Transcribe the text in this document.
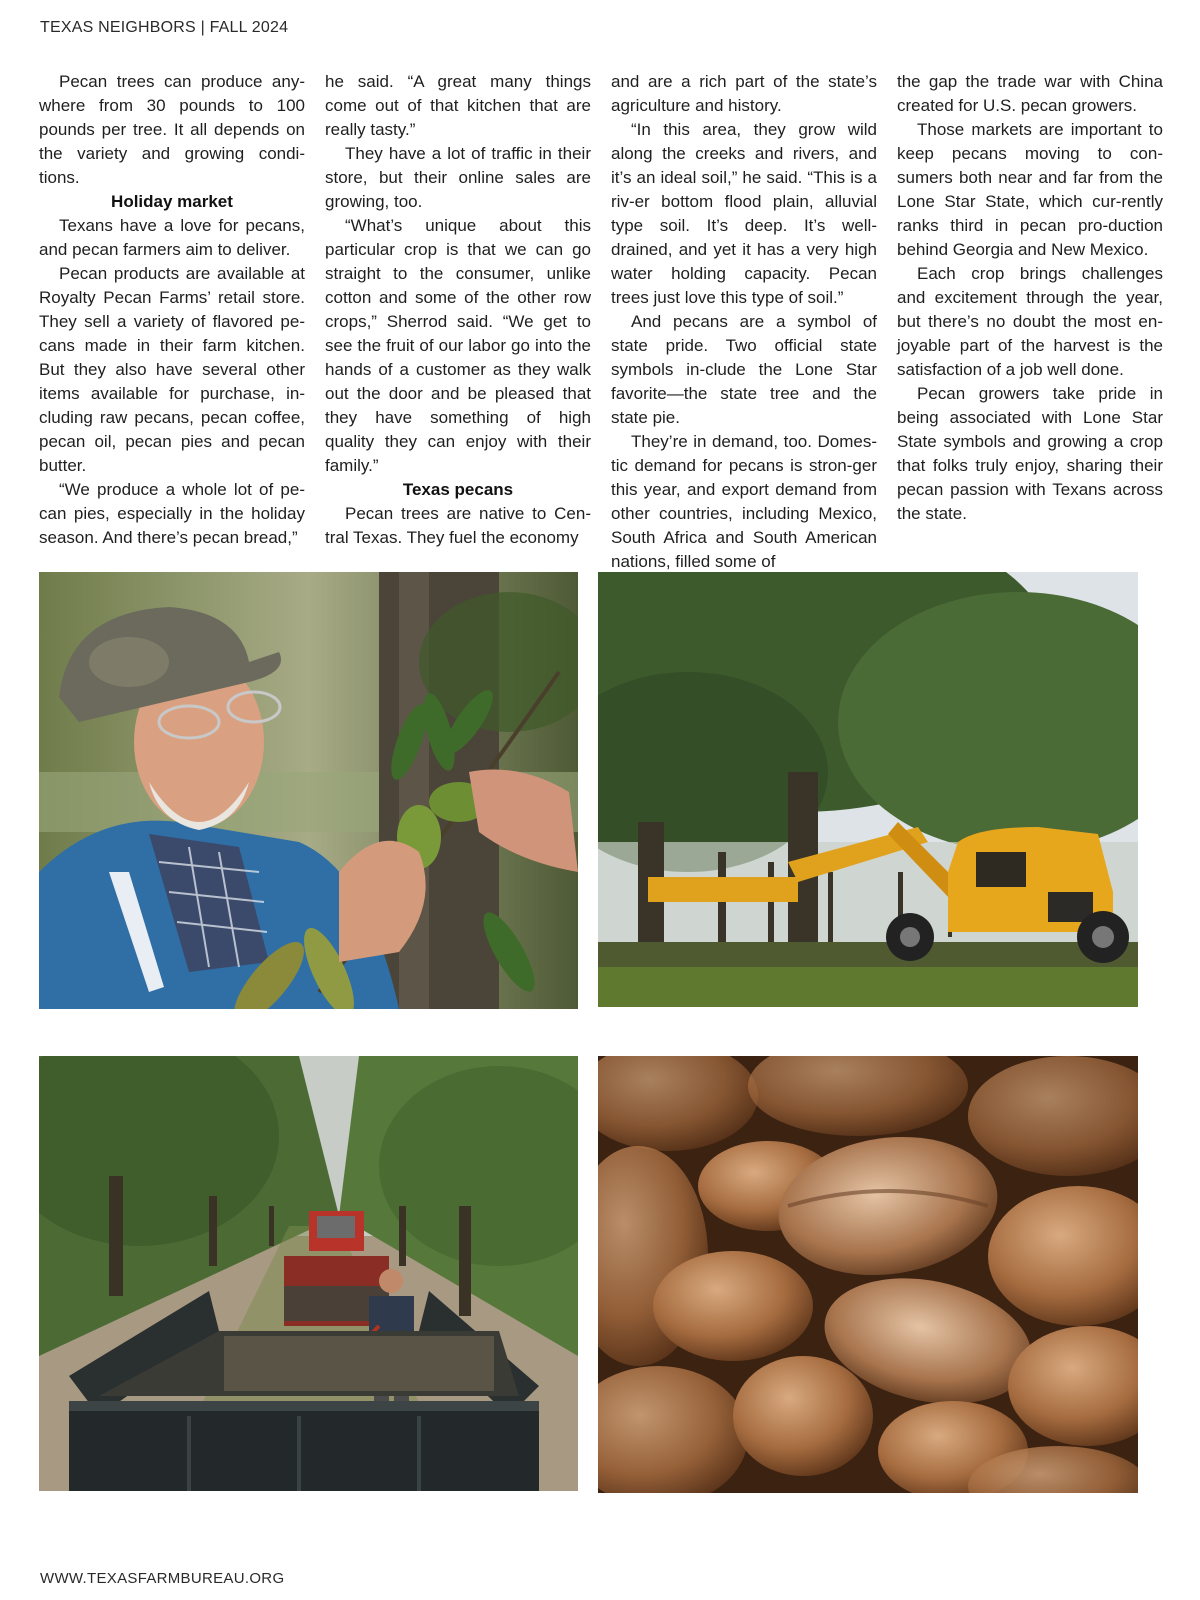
TEXAS NEIGHBORS | FALL 2024

Pecan trees can produce any-where from 30 pounds to 100 pounds per tree. It all depends on the variety and growing condi-tions.

Holiday market

Texans have a love for pecans, and pecan farmers aim to deliver.

Pecan products are available at Royalty Pecan Farms’ retail store. They sell a variety of flavored pe-cans made in their farm kitchen. But they also have several other items available for purchase, in-cluding raw pecans, pecan coffee, pecan oil, pecan pies and pecan butter.

“We produce a whole lot of pe-can pies, especially in the holiday season. And there’s pecan bread,”

he said. “A great many things come out of that kitchen that are really tasty.”

They have a lot of traffic in their store, but their online sales are growing, too.

“What’s unique about this particular crop is that we can go straight to the consumer, unlike cotton and some of the other row crops,” Sherrod said. “We get to see the fruit of our labor go into the hands of a customer as they walk out the door and be pleased that they have something of high quality they can enjoy with their family.”

Texas pecans

Pecan trees are native to Cen-tral Texas. They fuel the economy

and are a rich part of the state’s agriculture and history.

“In this area, they grow wild along the creeks and rivers, and it’s an ideal soil,” he said. “This is a riv-er bottom flood plain, alluvial type soil. It’s deep. It’s well-drained, and yet it has a very high water holding capacity. Pecan trees just love this type of soil.”

And pecans are a symbol of state pride. Two official state symbols in-clude the Lone Star favorite—the state tree and the state pie.

They’re in demand, too. Domes-tic demand for pecans is stron-ger this year, and export demand from other countries, including Mexico, South Africa and South American nations, filled some of

the gap the trade war with China created for U.S. pecan growers.

Those markets are important to keep pecans moving to con-sumers both near and far from the Lone Star State, which cur-rently ranks third in pecan pro-duction behind Georgia and New Mexico.

Each crop brings challenges and excitement through the year, but there’s no doubt the most en-joyable part of the harvest is the satisfaction of a job well done.

Pecan growers take pride in being associated with Lone Star State symbols and growing a crop that folks truly enjoy, sharing their pecan passion with Texans across the state.

WWW.TEXASFARMBUREAU.ORG
